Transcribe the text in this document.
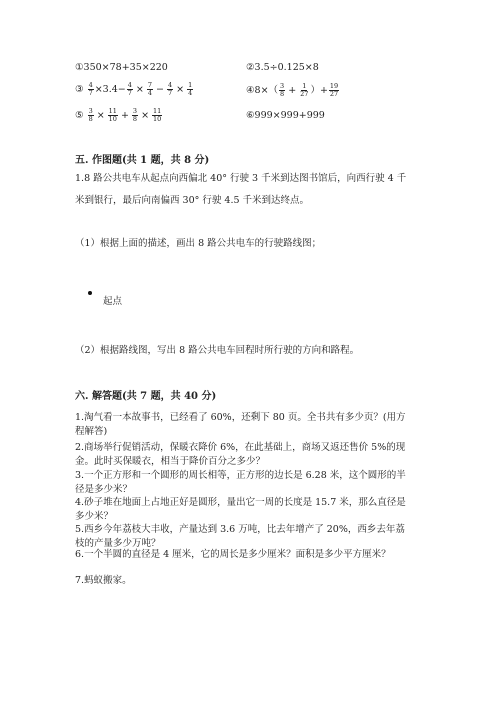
①350×78+35×220	②3.5÷0.125×8
③ $\frac{4}{7} \times 3.4- \frac{4}{7} \times \frac{7}{4} - \frac{4}{7} \times \frac{1}{4}$	④8×（ $\frac{3}{8} + \frac{1}{27}$ ）+ $\frac{19}{27}$
⑤ $\frac{3}{8} \times \frac{11}{10} + \frac{3}{8} \times \frac{11}{10}$	⑥999×999+999
五. 作图题(共 1 题，共 8 分)
1.8 路公共电车从起点向西偏北 40° 行驶 3 千米到达图书馆后，向西行驶 4 千
米到银行，最后向南偏西 30° 行驶 4.5 千米到达终点。
（1）根据上面的描述，画出 8 路公共电车的行驶路线图；
起点
（2）根据路线图，写出 8 路公共电车回程时所行驶的方向和路程。
六. 解答题(共 7 题，共 40 分)
1.淘气看一本故事书，已经看了 60%，还剩下 80 页。全书共有多少页？(用方
程解答)
2.商场举行促销活动，保暖衣降价 6%，在此基础上，商场又返还售价 5%的现
金。此时买保暖衣，相当于降价百分之多少？
3.一个正方形和一个圆形的周长相等，正方形的边长是 6.28 米，这个圆形的半
径是多少米？
4.砂子堆在地面上占地正好是圆形，量出它一周的长度是 15.7 米，那么直径是
多少米？
5.西乡今年荔枝大丰收，产量达到 3.6 万吨，比去年增产了 20%，西乡去年荔
枝的产量多少万吨？
6.一个半圆的直径是 4 厘米，它的周长是多少厘米？面积是多少平方厘米？
7.蚂蚁搬家。
